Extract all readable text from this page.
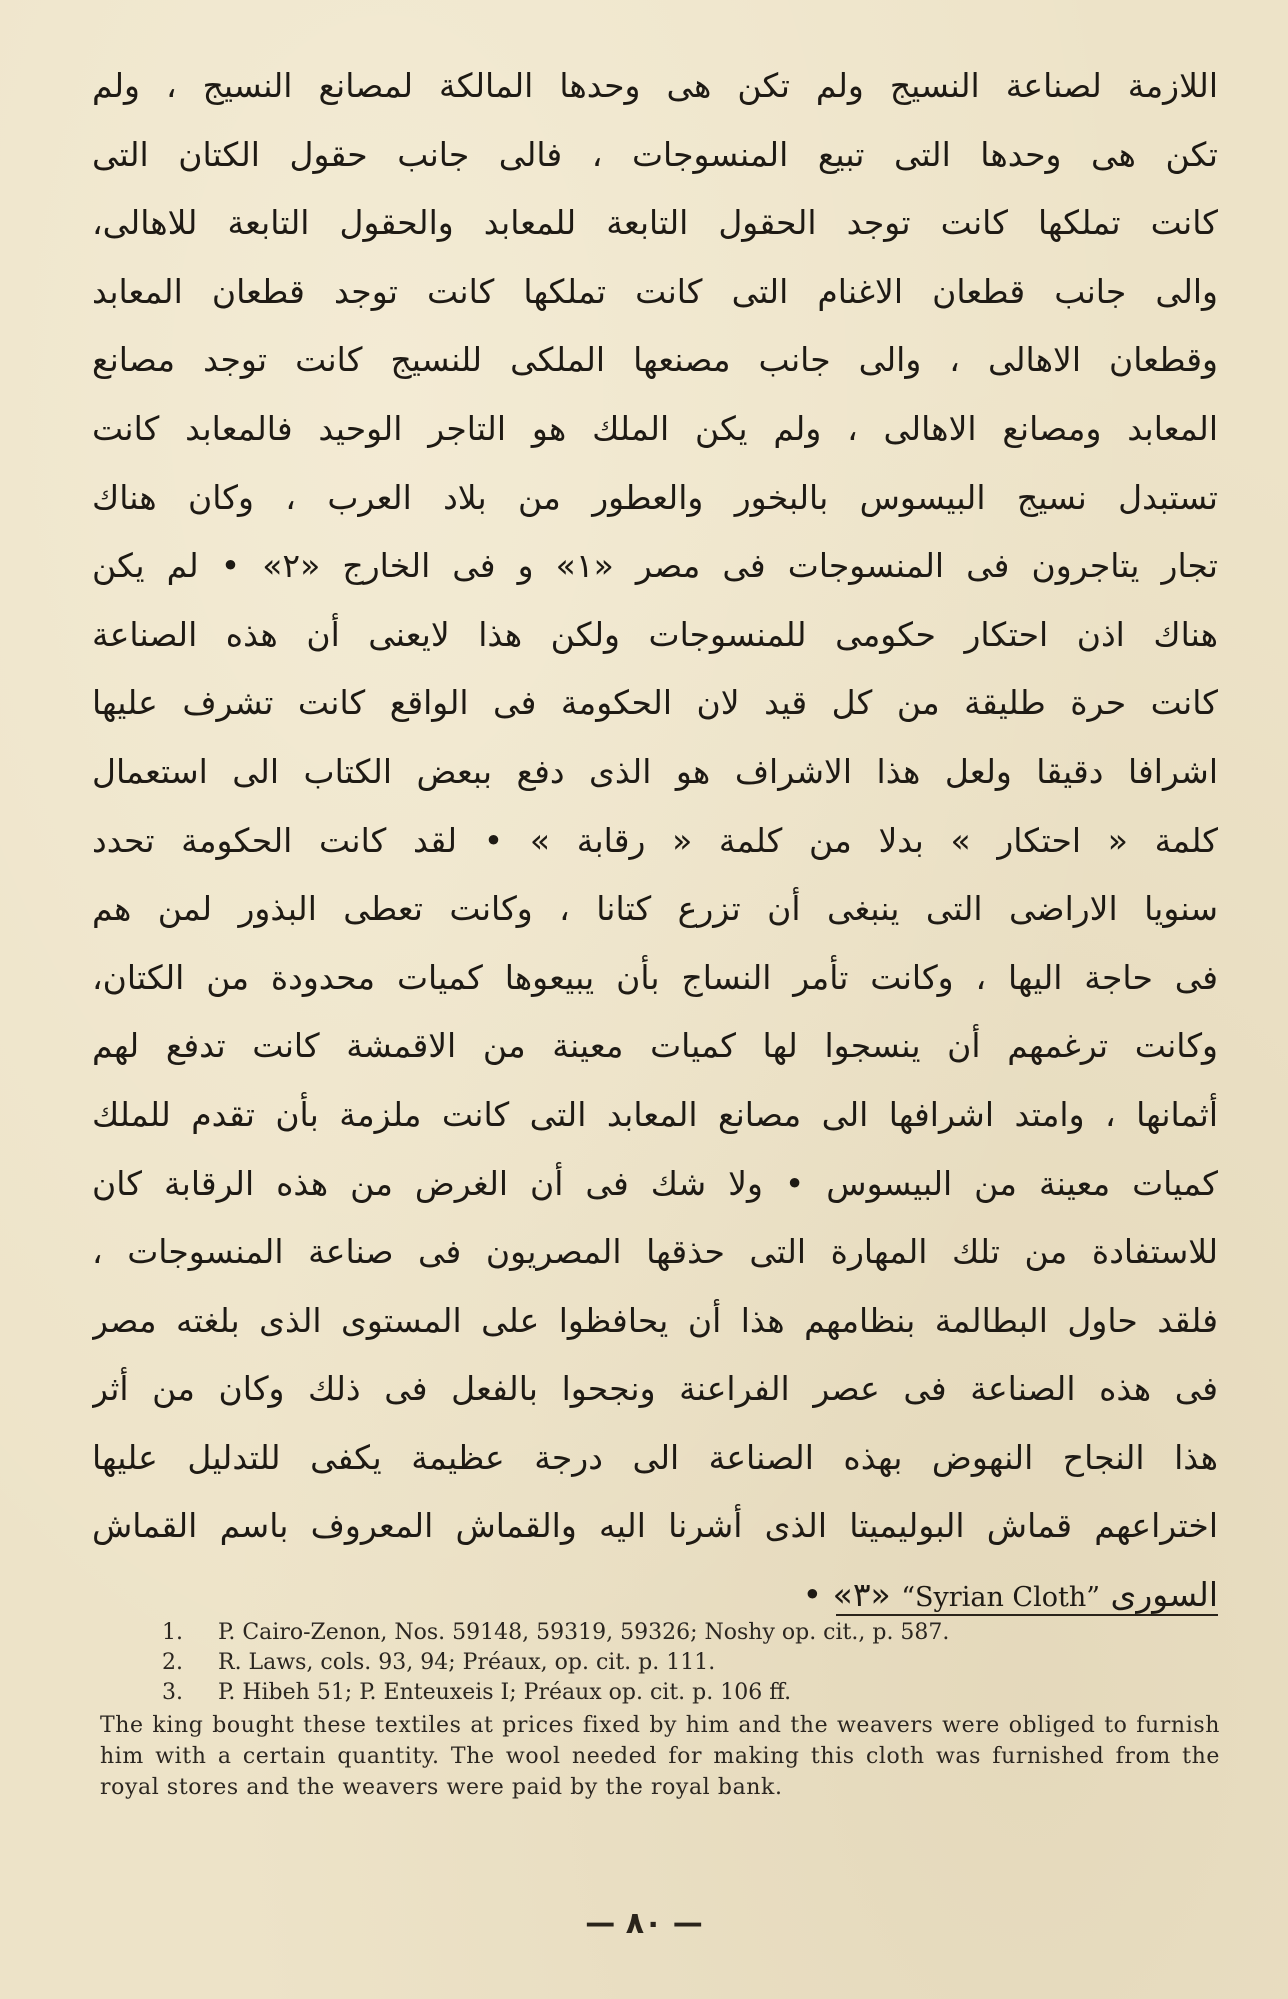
اللازمة لصناعة النسيج ولم تكن هى وحدها المالكة لمصانع النسيج ، ولم
تكن هى وحدها التى تبيع المنسوجات ، فالى جانب حقول الكتان التى
كانت تملكها كانت توجد الحقول التابعة للمعابد والحقول التابعة للاهالى،
والى جانب قطعان الاغنام التى كانت تملكها كانت توجد قطعان المعابد
وقطعان الاهالى ، والى جانب مصنعها الملكى للنسيج كانت توجد مصانع
المعابد ومصانع الاهالى ، ولم يكن الملك هو التاجر الوحيد فالمعابد كانت
تستبدل نسيج البيسوس بالبخور والعطور من بلاد العرب ، وكان هناك
تجار يتاجرون فى المنسوجات فى مصر «١» و فى الخارج «٢» • لم يكن
هناك اذن احتكار حكومى للمنسوجات ولكن هذا لايعنى أن هذه الصناعة
كانت حرة طليقة من كل قيد لان الحكومة فى الواقع كانت تشرف عليها
اشرافا دقيقا ولعل هذا الاشراف هو الذى دفع ببعض الكتاب الى استعمال
كلمة « احتكار » بدلا من كلمة « رقابة » • لقد كانت الحكومة تحدد
سنويا الاراضى التى ينبغى أن تزرع كتانا ، وكانت تعطى البذور لمن هم
فى حاجة اليها ، وكانت تأمر النساج بأن يبيعوها كميات محدودة من الكتان،
وكانت ترغمهم أن ينسجوا لها كميات معينة من الاقمشة كانت تدفع لهم
أثمانها ، وامتد اشرافها الى مصانع المعابد التى كانت ملزمة بأن تقدم للملك
كميات معينة من البيسوس • ولا شك فى أن الغرض من هذه الرقابة كان
للاستفادة من تلك المهارة التى حذقها المصريون فى صناعة المنسوجات ،
فلقد حاول البطالمة بنظامهم هذا أن يحافظوا على المستوى الذى بلغته مصر
فى هذه الصناعة فى عصر الفراعنة ونجحوا بالفعل فى ذلك وكان من أثر
هذا النجاح النهوض بهذه الصناعة الى درجة عظيمة يكفى للتدليل عليها
اختراعهم قماش البوليميتا الذى أشرنا اليه والقماش المعروف باسم القماش
السورى “Syrian Cloth” «٣» •
1. P. Cairo-Zenon, Nos. 59148, 59319, 59326; Noshy op. cit., p. 587.
2. R. Laws, cols. 93, 94; Préaux, op. cit. p. 111.
3. P. Hibeh 51; P. Enteuxeis I; Préaux op. cit. p. 106 ff.
The king bought these textiles at prices fixed by him and the weavers were obliged to furnish him with a certain quantity. The wool needed for making this cloth was furnished from the royal stores and the weavers were paid by the royal bank.
— ٨٠ —
